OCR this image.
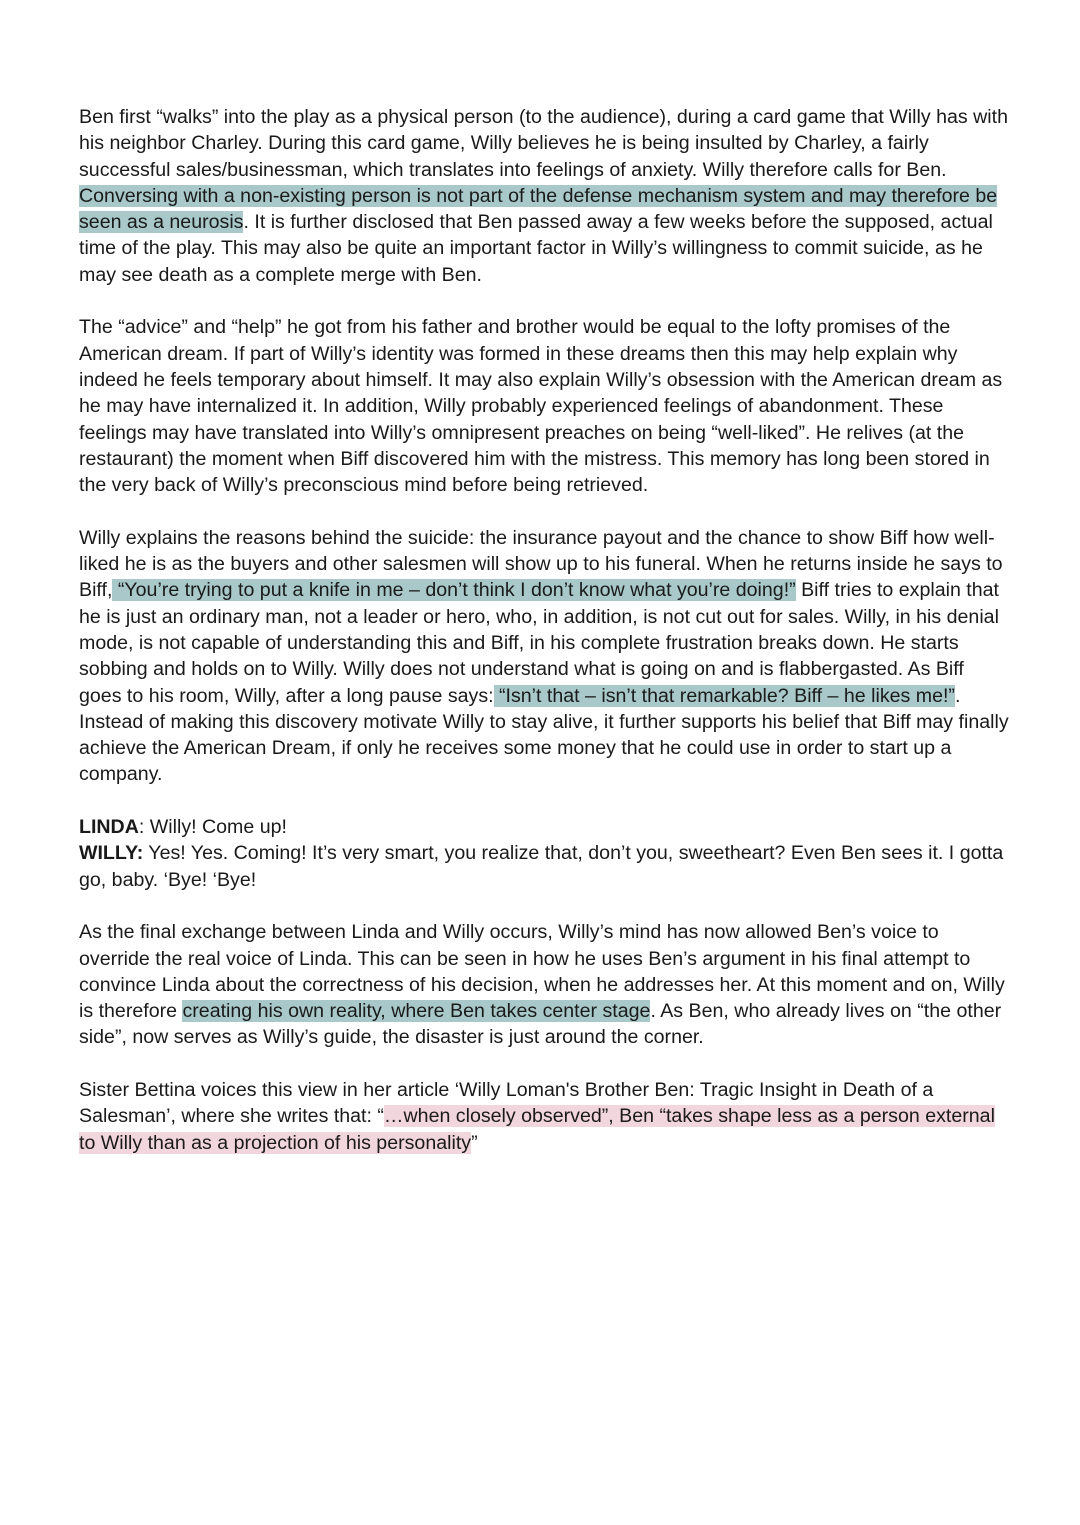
Ben first “walks” into the play as a physical person (to the audience), during a card game that Willy has with his neighbor Charley. During this card game, Willy believes he is being insulted by Charley, a fairly successful sales/businessman, which translates into feelings of anxiety. Willy therefore calls for Ben. Conversing with a non-existing person is not part of the defense mechanism system and may therefore be seen as a neurosis. It is further disclosed that Ben passed away a few weeks before the supposed, actual time of the play. This may also be quite an important factor in Willy’s willingness to commit suicide, as he may see death as a complete merge with Ben.

The “advice” and “help” he got from his father and brother would be equal to the lofty promises of the American dream. If part of Willy’s identity was formed in these dreams then this may help explain why indeed he feels temporary about himself. It may also explain Willy’s obsession with the American dream as he may have internalized it. In addition, Willy probably experienced feelings of abandonment. These feelings may have translated into Willy’s omnipresent preaches on being “well-liked”. He relives (at the restaurant) the moment when Biff discovered him with the mistress. This memory has long been stored in the very back of Willy’s preconscious mind before being retrieved.

Willy explains the reasons behind the suicide: the insurance payout and the chance to show Biff how well-liked he is as the buyers and other salesmen will show up to his funeral. When he returns inside he says to Biff, “You’re trying to put a knife in me – don’t think I don’t know what you’re doing!” Biff tries to explain that he is just an ordinary man, not a leader or hero, who, in addition, is not cut out for sales. Willy, in his denial mode, is not capable of understanding this and Biff, in his complete frustration breaks down. He starts sobbing and holds on to Willy. Willy does not understand what is going on and is flabbergasted. As Biff goes to his room, Willy, after a long pause says: “Isn’t that – isn’t that remarkable? Biff – he likes me!”. Instead of making this discovery motivate Willy to stay alive, it further supports his belief that Biff may finally achieve the American Dream, if only he receives some money that he could use in order to start up a company.

LINDA: Willy! Come up!
WILLY: Yes! Yes. Coming! It’s very smart, you realize that, don’t you, sweetheart? Even Ben sees it. I gotta go, baby. ‘Bye! ‘Bye!

As the final exchange between Linda and Willy occurs, Willy’s mind has now allowed Ben’s voice to override the real voice of Linda. This can be seen in how he uses Ben’s argument in his final attempt to convince Linda about the correctness of his decision, when he addresses her. At this moment and on, Willy is therefore creating his own reality, where Ben takes center stage. As Ben, who already lives on “the other side”, now serves as Willy’s guide, the disaster is just around the corner.

Sister Bettina voices this view in her article ‘Willy Loman's Brother Ben: Tragic Insight in Death of a Salesman’, where she writes that: “…when closely observed”, Ben “takes shape less as a person external to Willy than as a projection of his personality”
